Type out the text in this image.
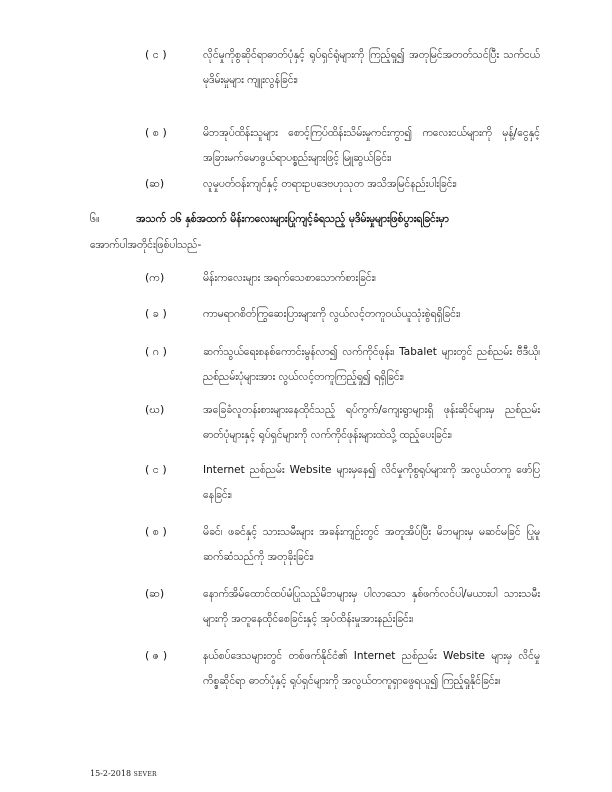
( င )	လိုင်မှုကိုစွဆိုင်ရာဓာတ်ပုံနှင့် ရုပ်ရှင်ရုံများကို ကြည့်ရှု၍ အတုမြင်အတတ်သင်ပြီး သက်ငယ်မုဒိမ်းမှုများ ကျူးလွန်ခြင်း၊
( စ )	မိဘအုပ်ထိန်းသူများ စောင့်ကြပ်ထိန်းသိမ်းမှုကင်းကွာ၍ ကလေးငယ်များကို မုန့်/ငွေနှင့် အခြားမက်မောဖွယ်ရာပစ္စည်းများဖြင့် မြူဆွယ်ခြင်း၊
(ဆ)	လူမှုပတ်ဝန်းကျင်နှင့် တရားဥပဒေဗဟုသုတ အသိအမြင်နည်းပါးခြင်း၊
၆။	အသက် ၁၆ နှစ်အထက် မိန်းကလေးများပြုကျင့်ခံရသည့် မုဒိမ်းမှုများဖြစ်ပွားရခြင်းမှာ
အောက်ပါအတိုင်းဖြစ်ပါသည်-
(က)	မိန်းကလေးများ အရက်သေစာသောက်စားခြင်း၊
( ခ )	ကာမရာဂစိတ်ကြွဆေးပြားများကို လွယ်လင့်တကူဝယ်ယူသုံးစွဲရရှိခြင်း၊
( ဂ )	ဆက်သွယ်ရေးစနစ်ကောင်းမွန်လာ၍ လက်ကိုင်ဖုန်း၊ Tabalet များတွင် ညစ်ညမ်း ဗီဒီယို၊ ညစ်ညမ်းပုံများအား လွယ်လင့်တကူကြည့်ရှု၍ ရရှိခြင်း၊
(ဃ)	အခြေခံလူတန်းစားများနေထိုင်သည့် ရပ်ကွက်/ကျေးရွာများရှိ ဖုန်းဆိုင်များမှ ညစ်ညမ်းဓာတ်ပုံများနှင့် ရုပ်ရှင်များကို လက်ကိုင်ဖုန်းများထဲသို့ ထည့်ပေးခြင်း၊
( င )	Internet ညစ်ညမ်း Website များမှနေ၍ လိင်မှုကိုစွရုပ်များကို အလွယ်တကူ ဖော်ပြနေခြင်း၊
( စ )	မိခင်၊ ဖခင်နှင့် သားသမီးများ အခန်းကျဉ်းတွင် အတူအိပ်ပြီး မိဘများမှ မဆင်မခြင် ပြုမူဆက်ဆံသည်ကို အတုခိုးခြင်း၊
(ဆ)	နောက်အိမ်ထောင်ထပ်မံပြုသည့်မိဘများမှ ပါလာသော နှစ်ဖက်လင်ပါ/မယားပါ သားသမီးများကို အတူနေထိုင်စေခြင်းနှင့် အုပ်ထိန်းမှုအားနည်းခြင်း၊
( ဇ )	နယ်စပ်ဒေသများတွင် တစ်ဖက်နိုင်ငံ၏ Internet ညစ်ညမ်း Website များမှ လိင်မှု ကိစ္စဆိုင်ရာ ဓာတ်ပုံနှင့် ရုပ်ရှင်များကို အလွယ်တကူရှာဖွေရယူ၍ ကြည့်ရှုနိုင်ခြင်း။
15-2-2018 SEVER
